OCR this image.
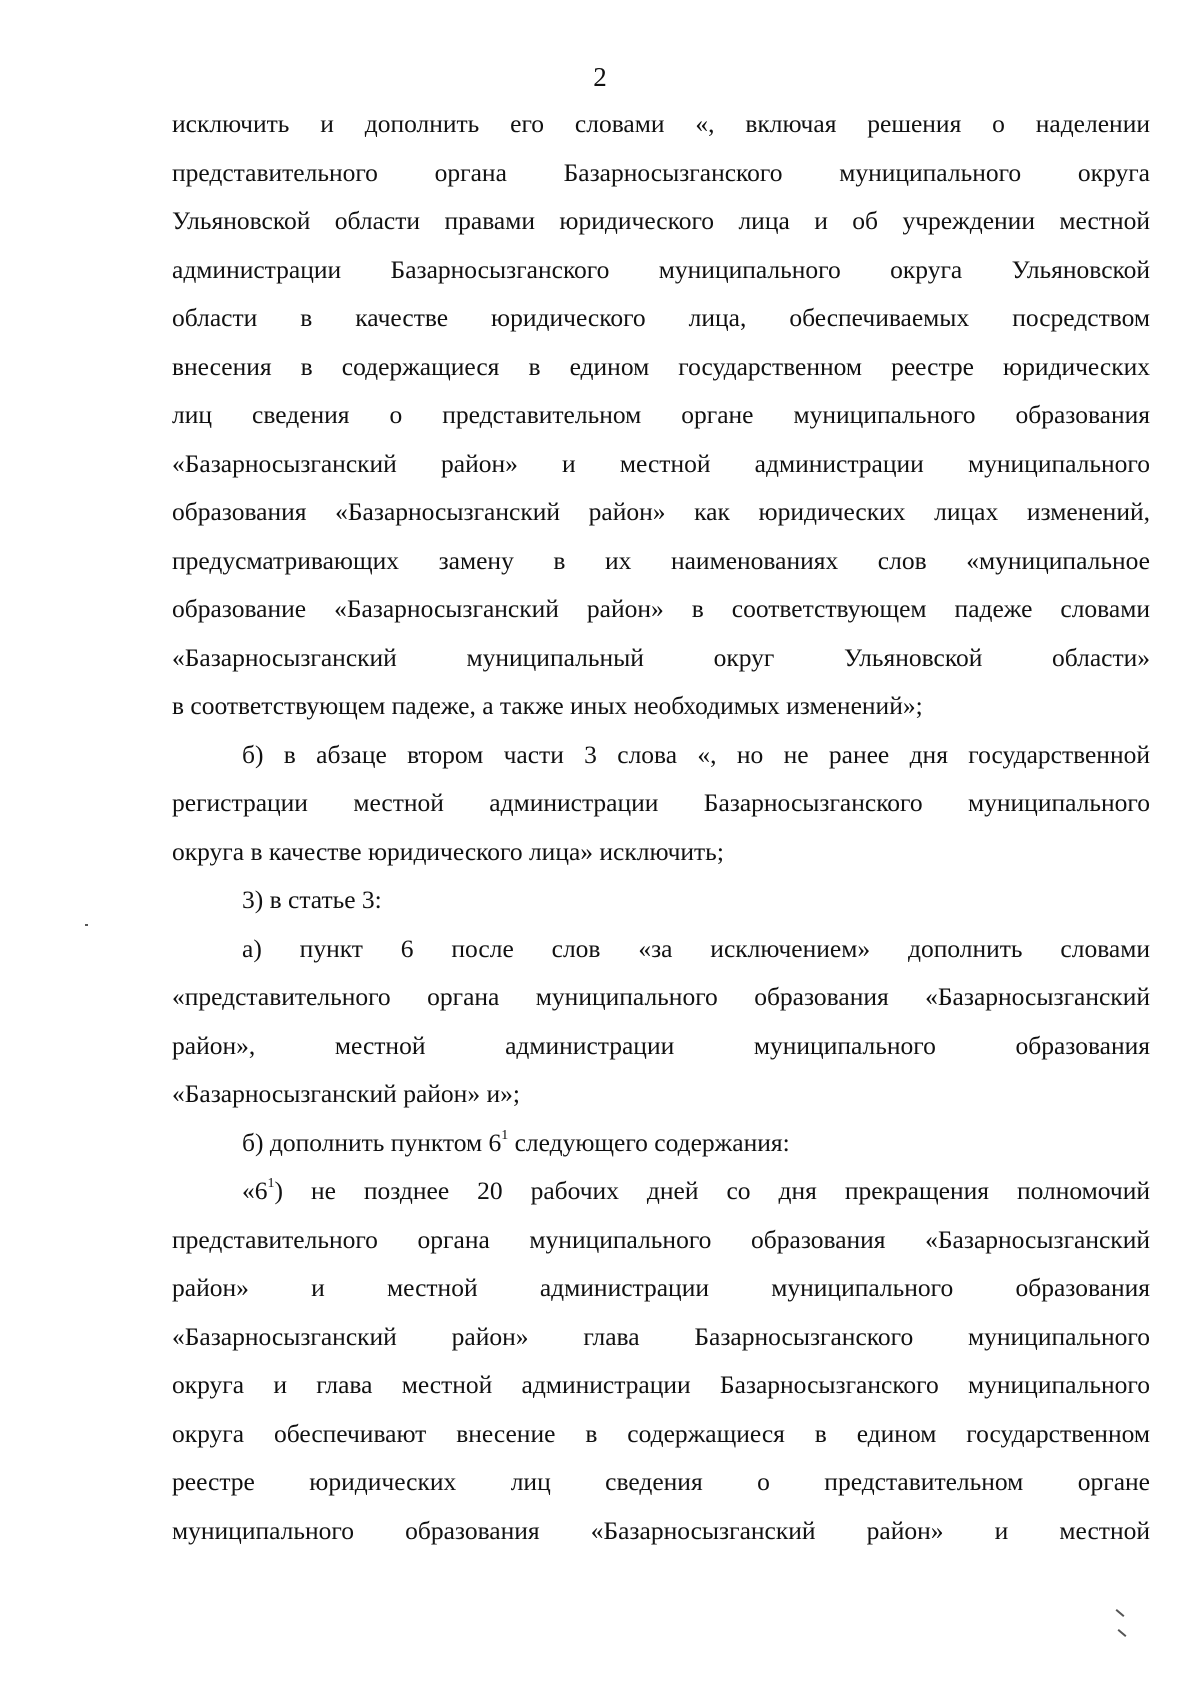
2
исключить и дополнить его словами «, включая решения о наделении
представительного органа Базарносызганского муниципального округа
Ульяновской области правами юридического лица и об учреждении местной
администрации Базарносызганского муниципального округа Ульяновской
области в качестве юридического лица, обеспечиваемых посредством
внесения в содержащиеся в едином государственном реестре юридических
лиц сведения о представительном органе муниципального образования
«Базарносызганский район» и местной администрации муниципального
образования «Базарносызганский район» как юридических лицах изменений,
предусматривающих замену в их наименованиях слов «муниципальное
образование «Базарносызганский район» в соответствующем падеже словами
«Базарносызганский муниципальный округ Ульяновской области»
в соответствующем падеже, а также иных необходимых изменений»;
б) в абзаце втором части 3 слова «, но не ранее дня государственной
регистрации местной администрации Базарносызганского муниципального
округа в качестве юридического лица» исключить;
3) в статье 3:
а) пункт 6 после слов «за исключением» дополнить словами
«представительного органа муниципального образования «Базарносызганский
район», местной администрации муниципального образования
«Базарносызганский район» и»;
б) дополнить пунктом $6^1$ следующего содержания:
«$6^1$) не позднее 20 рабочих дней со дня прекращения полномочий
представительного органа муниципального образования «Базарносызганский
район» и местной администрации муниципального образования
«Базарносызганский район» глава Базарносызганского муниципального
округа и глава местной администрации Базарносызганского муниципального
округа обеспечивают внесение в содержащиеся в едином государственном
реестре юридических лиц сведения о представительном органе
муниципального образования «Базарносызганский район» и местной
